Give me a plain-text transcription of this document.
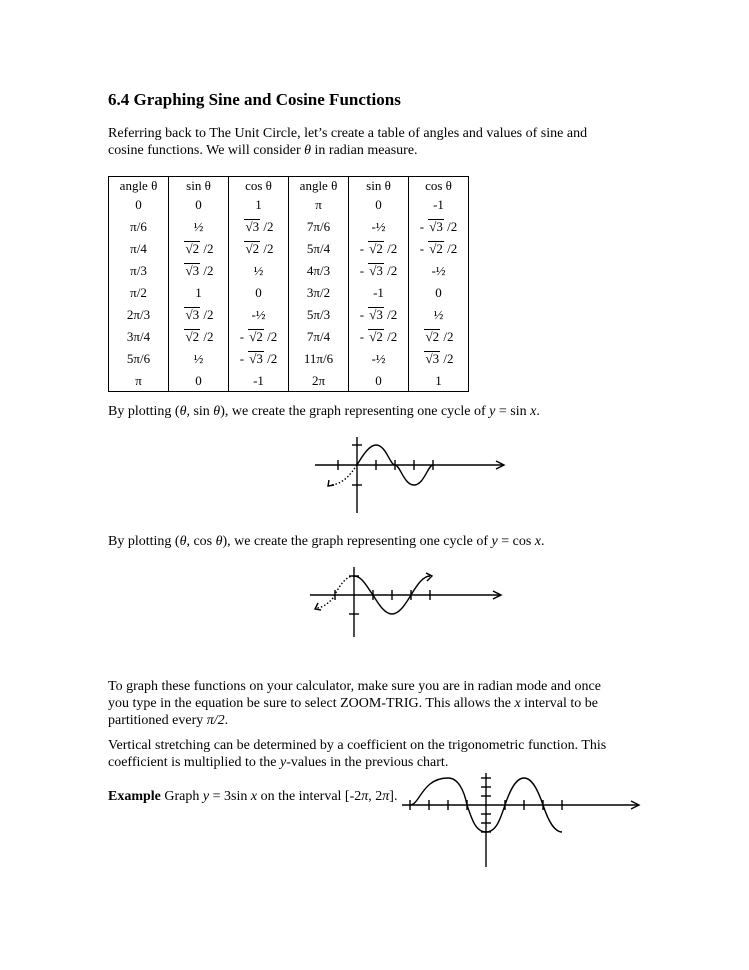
6.4 Graphing Sine and Cosine Functions

Referring back to The Unit Circle, let’s create a table of angles and values of sine and

cosine functions. We will consider θ in radian measure.

angle θ	sin θ	cos θ	angle θ	sin θ	cos θ
0	0	1	π	0	-1
π/6	½	√ 3 /2	7π/6	-½	- √ 3 /2
π/4	√ 2 /2	√ 2 /2	5π/4	- √ 2 /2	- √ 2 /2
π/3	√ 3 /2	½	4π/3	- √ 3 /2	-½
π/2	1	0	3π/2	-1	0
2π/3	√ 3 /2	-½	5π/3	- √ 3 /2	½
3π/4	√ 2 /2	- √ 2 /2	7π/4	- √ 2 /2	√ 2 /2
5π/6	½	- √ 3 /2	11π/6	-½	√ 3 /2
π	0	-1	2π	0	1

By plotting (θ, sin θ), we create the graph representing one cycle of y = sin x.

By plotting (θ, cos θ), we create the graph representing one cycle of y = cos x.

To graph these functions on your calculator, make sure you are in radian mode and once

you type in the equation be sure to select ZOOM-TRIG. This allows the x interval to be

partitioned every π/2.

Vertical stretching can be determined by a coefficient on the trigonometric function. This

coefficient is multiplied to the y-values in the previous chart.

Example Graph y = 3sin x on the interval [-2π, 2π].
